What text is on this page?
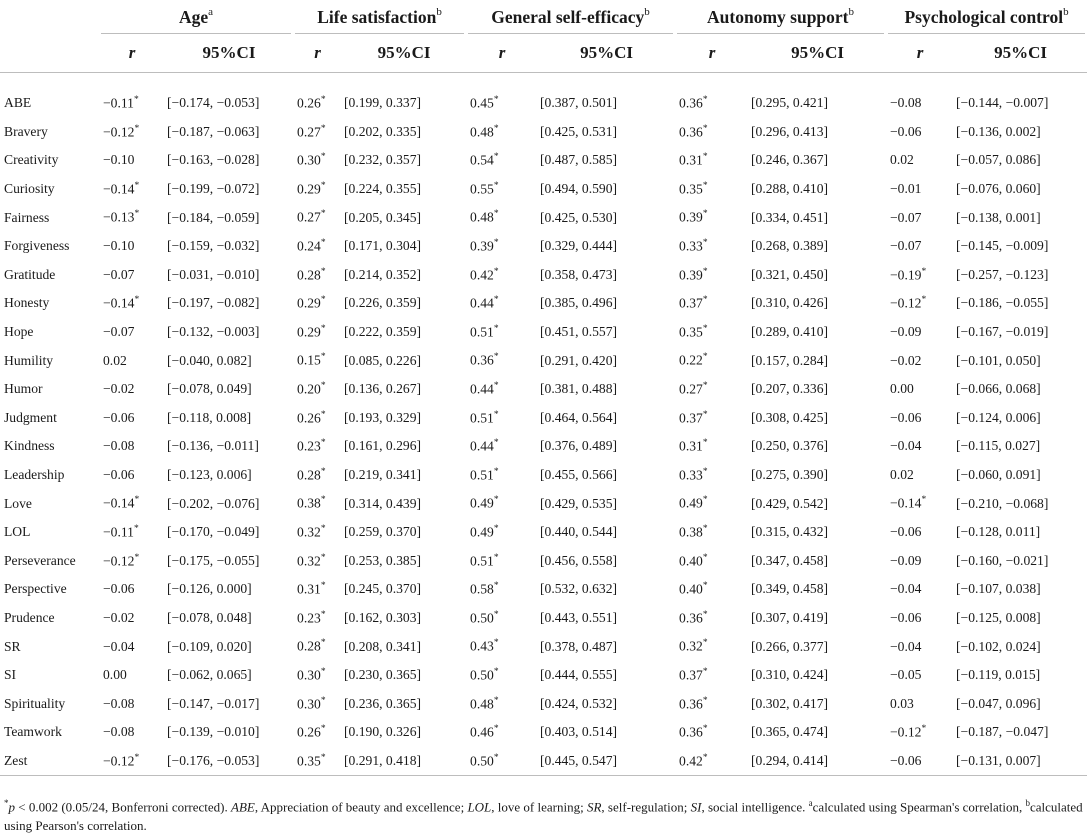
	Age$^a$		Life satisfaction$^b$		General self-efficacy$^b$		Autonomy support$^b$		Psychological control$^b$

	r	95%CI	r	95%CI	r	95%CI	r	95%CI	r	95%CI

ABE	−0.11*	[−0.174, −0.053]	0.26*	[0.199, 0.337]	0.45*	[0.387, 0.501]	0.36*	[0.295, 0.421]	−0.08	[−0.144, −0.007]
Bravery	−0.12*	[−0.187, −0.063]	0.27*	[0.202, 0.335]	0.48*	[0.425, 0.531]	0.36*	[0.296, 0.413]	−0.06	[−0.136, 0.002]
Creativity	−0.10	[−0.163, −0.028]	0.30*	[0.232, 0.357]	0.54*	[0.487, 0.585]	0.31*	[0.246, 0.367]	0.02	[−0.057, 0.086]
Curiosity	−0.14*	[−0.199, −0.072]	0.29*	[0.224, 0.355]	0.55*	[0.494, 0.590]	0.35*	[0.288, 0.410]	−0.01	[−0.076, 0.060]
Fairness	−0.13*	[−0.184, −0.059]	0.27*	[0.205, 0.345]	0.48*	[0.425, 0.530]	0.39*	[0.334, 0.451]	−0.07	[−0.138, 0.001]
Forgiveness	−0.10	[−0.159, −0.032]	0.24*	[0.171, 0.304]	0.39*	[0.329, 0.444]	0.33*	[0.268, 0.389]	−0.07	[−0.145, −0.009]
Gratitude	−0.07	[−0.031, −0.010]	0.28*	[0.214, 0.352]	0.42*	[0.358, 0.473]	0.39*	[0.321, 0.450]	−0.19*	[−0.257, −0.123]
Honesty	−0.14*	[−0.197, −0.082]	0.29*	[0.226, 0.359]	0.44*	[0.385, 0.496]	0.37*	[0.310, 0.426]	−0.12*	[−0.186, −0.055]
Hope	−0.07	[−0.132, −0.003]	0.29*	[0.222, 0.359]	0.51*	[0.451, 0.557]	0.35*	[0.289, 0.410]	−0.09	[−0.167, −0.019]
Humility	0.02	[−0.040, 0.082]	0.15*	[0.085, 0.226]	0.36*	[0.291, 0.420]	0.22*	[0.157, 0.284]	−0.02	[−0.101, 0.050]
Humor	−0.02	[−0.078, 0.049]	0.20*	[0.136, 0.267]	0.44*	[0.381, 0.488]	0.27*	[0.207, 0.336]	0.00	[−0.066, 0.068]
Judgment	−0.06	[−0.118, 0.008]	0.26*	[0.193, 0.329]	0.51*	[0.464, 0.564]	0.37*	[0.308, 0.425]	−0.06	[−0.124, 0.006]
Kindness	−0.08	[−0.136, −0.011]	0.23*	[0.161, 0.296]	0.44*	[0.376, 0.489]	0.31*	[0.250, 0.376]	−0.04	[−0.115, 0.027]
Leadership	−0.06	[−0.123, 0.006]	0.28*	[0.219, 0.341]	0.51*	[0.455, 0.566]	0.33*	[0.275, 0.390]	0.02	[−0.060, 0.091]
Love	−0.14*	[−0.202, −0.076]	0.38*	[0.314, 0.439]	0.49*	[0.429, 0.535]	0.49*	[0.429, 0.542]	−0.14*	[−0.210, −0.068]
LOL	−0.11*	[−0.170, −0.049]	0.32*	[0.259, 0.370]	0.49*	[0.440, 0.544]	0.38*	[0.315, 0.432]	−0.06	[−0.128, 0.011]
Perseverance	−0.12*	[−0.175, −0.055]	0.32*	[0.253, 0.385]	0.51*	[0.456, 0.558]	0.40*	[0.347, 0.458]	−0.09	[−0.160, −0.021]
Perspective	−0.06	[−0.126, 0.000]	0.31*	[0.245, 0.370]	0.58*	[0.532, 0.632]	0.40*	[0.349, 0.458]	−0.04	[−0.107, 0.038]
Prudence	−0.02	[−0.078, 0.048]	0.23*	[0.162, 0.303]	0.50*	[0.443, 0.551]	0.36*	[0.307, 0.419]	−0.06	[−0.125, 0.008]
SR	−0.04	[−0.109, 0.020]	0.28*	[0.208, 0.341]	0.43*	[0.378, 0.487]	0.32*	[0.266, 0.377]	−0.04	[−0.102, 0.024]
SI	0.00	[−0.062, 0.065]	0.30*	[0.230, 0.365]	0.50*	[0.444, 0.555]	0.37*	[0.310, 0.424]	−0.05	[−0.119, 0.015]
Spirituality	−0.08	[−0.147, −0.017]	0.30*	[0.236, 0.365]	0.48*	[0.424, 0.532]	0.36*	[0.302, 0.417]	0.03	[−0.047, 0.096]
Teamwork	−0.08	[−0.139, −0.010]	0.26*	[0.190, 0.326]	0.46*	[0.403, 0.514]	0.36*	[0.365, 0.474]	−0.12*	[−0.187, −0.047]
Zest	−0.12*	[−0.176, −0.053]	0.35*	[0.291, 0.418]	0.50*	[0.445, 0.547]	0.42*	[0.294, 0.414]	−0.06	[−0.131, 0.007]
*p < 0.002 (0.05/24, Bonferroni corrected). ABE, Appreciation of beauty and excellence; LOL, love of learning; SR, self-regulation; SI, social intelligence. $^a$calculated using Spearman's correlation, $^b$calculated using Pearson's correlation.
